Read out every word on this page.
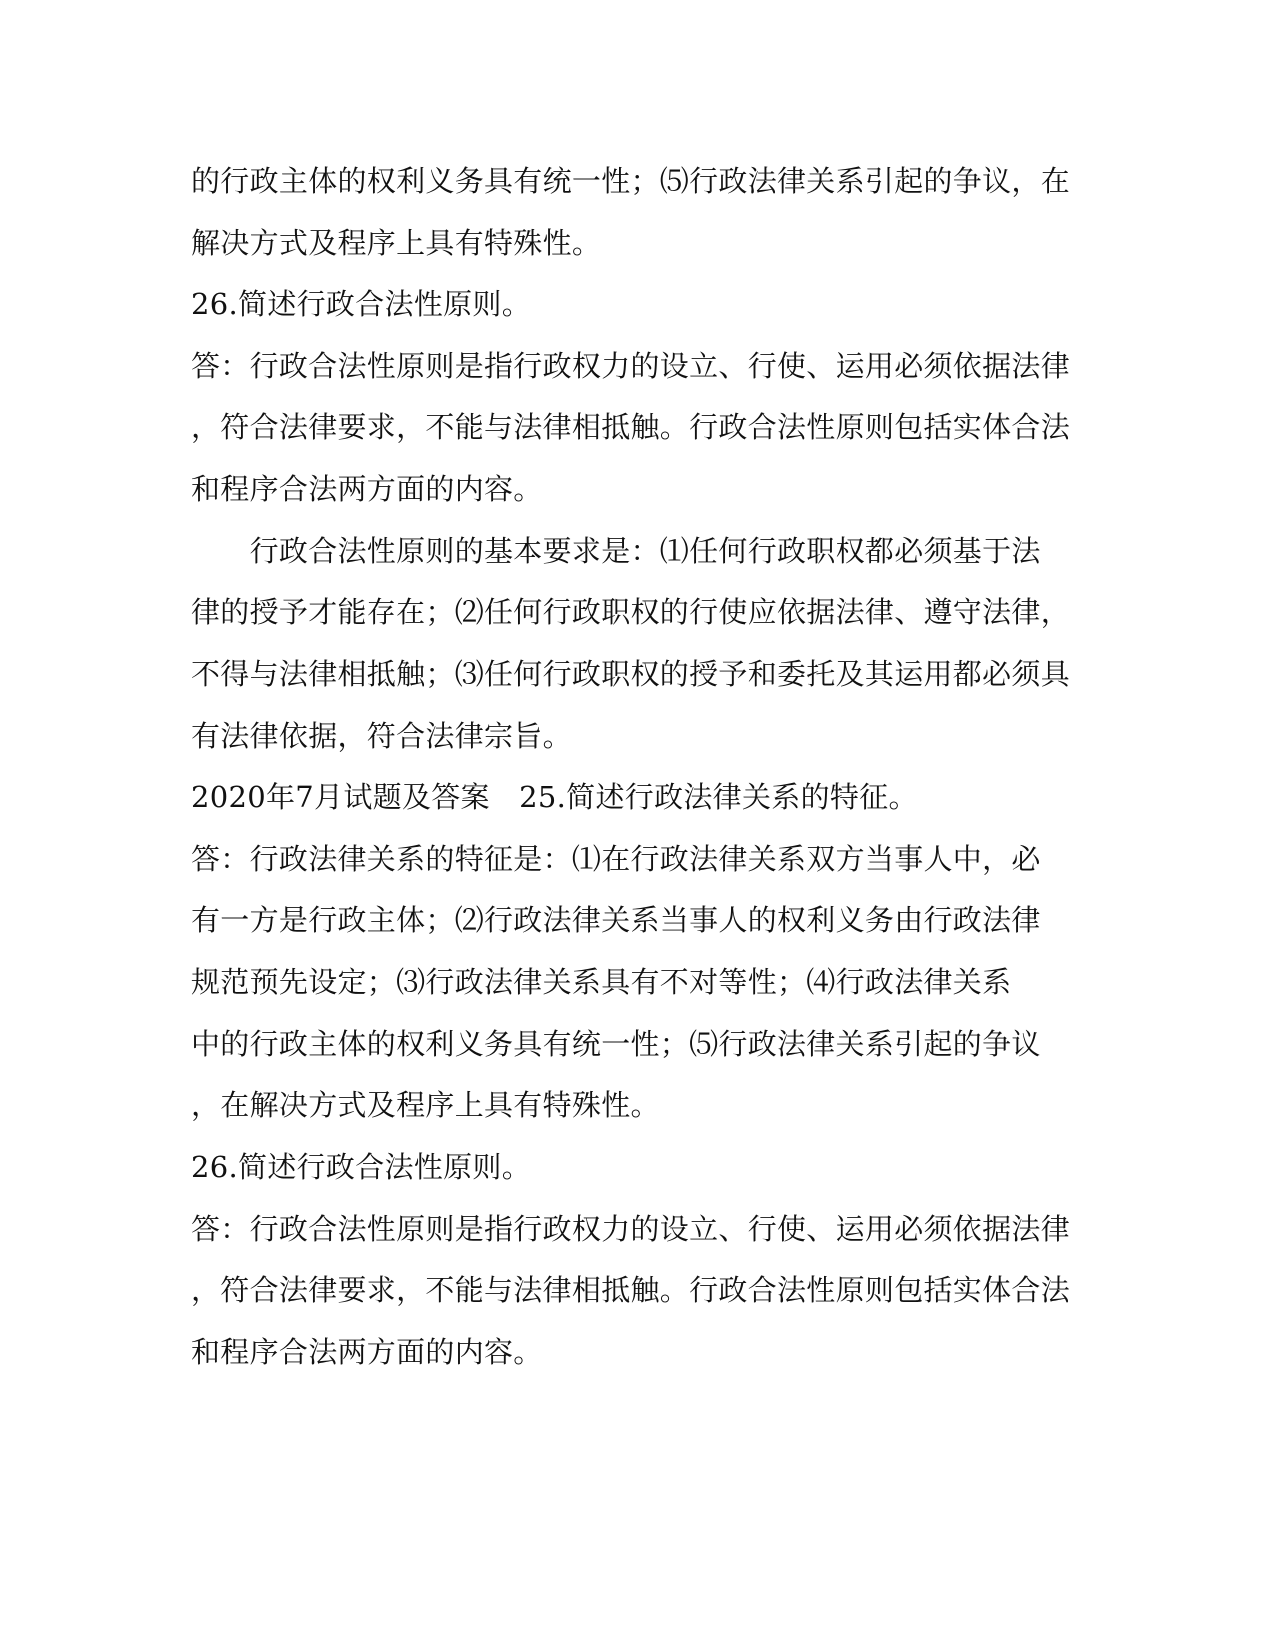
的行政主体的权利义务具有统一性；⑸行政法律关系引起的争议，在
解决方式及程序上具有特殊性。
26.简述行政合法性原则。
答：行政合法性原则是指行政权力的设立、行使、运用必须依据法律
，符合法律要求，不能与法律相抵触。行政合法性原则包括实体合法
和程序合法两方面的内容。
　　行政合法性原则的基本要求是：⑴任何行政职权都必须基于法
律的授予才能存在；⑵任何行政职权的行使应依据法律、遵守法律，
不得与法律相抵触；⑶任何行政职权的授予和委托及其运用都必须具
有法律依据，符合法律宗旨。
2020年7月试题及答案　25.简述行政法律关系的特征。
答：行政法律关系的特征是：⑴在行政法律关系双方当事人中，必
有一方是行政主体；⑵行政法律关系当事人的权利义务由行政法律
规范预先设定；⑶行政法律关系具有不对等性；⑷行政法律关系
中的行政主体的权利义务具有统一性；⑸行政法律关系引起的争议
，在解决方式及程序上具有特殊性。
26.简述行政合法性原则。
答：行政合法性原则是指行政权力的设立、行使、运用必须依据法律
，符合法律要求，不能与法律相抵触。行政合法性原则包括实体合法
和程序合法两方面的内容。
